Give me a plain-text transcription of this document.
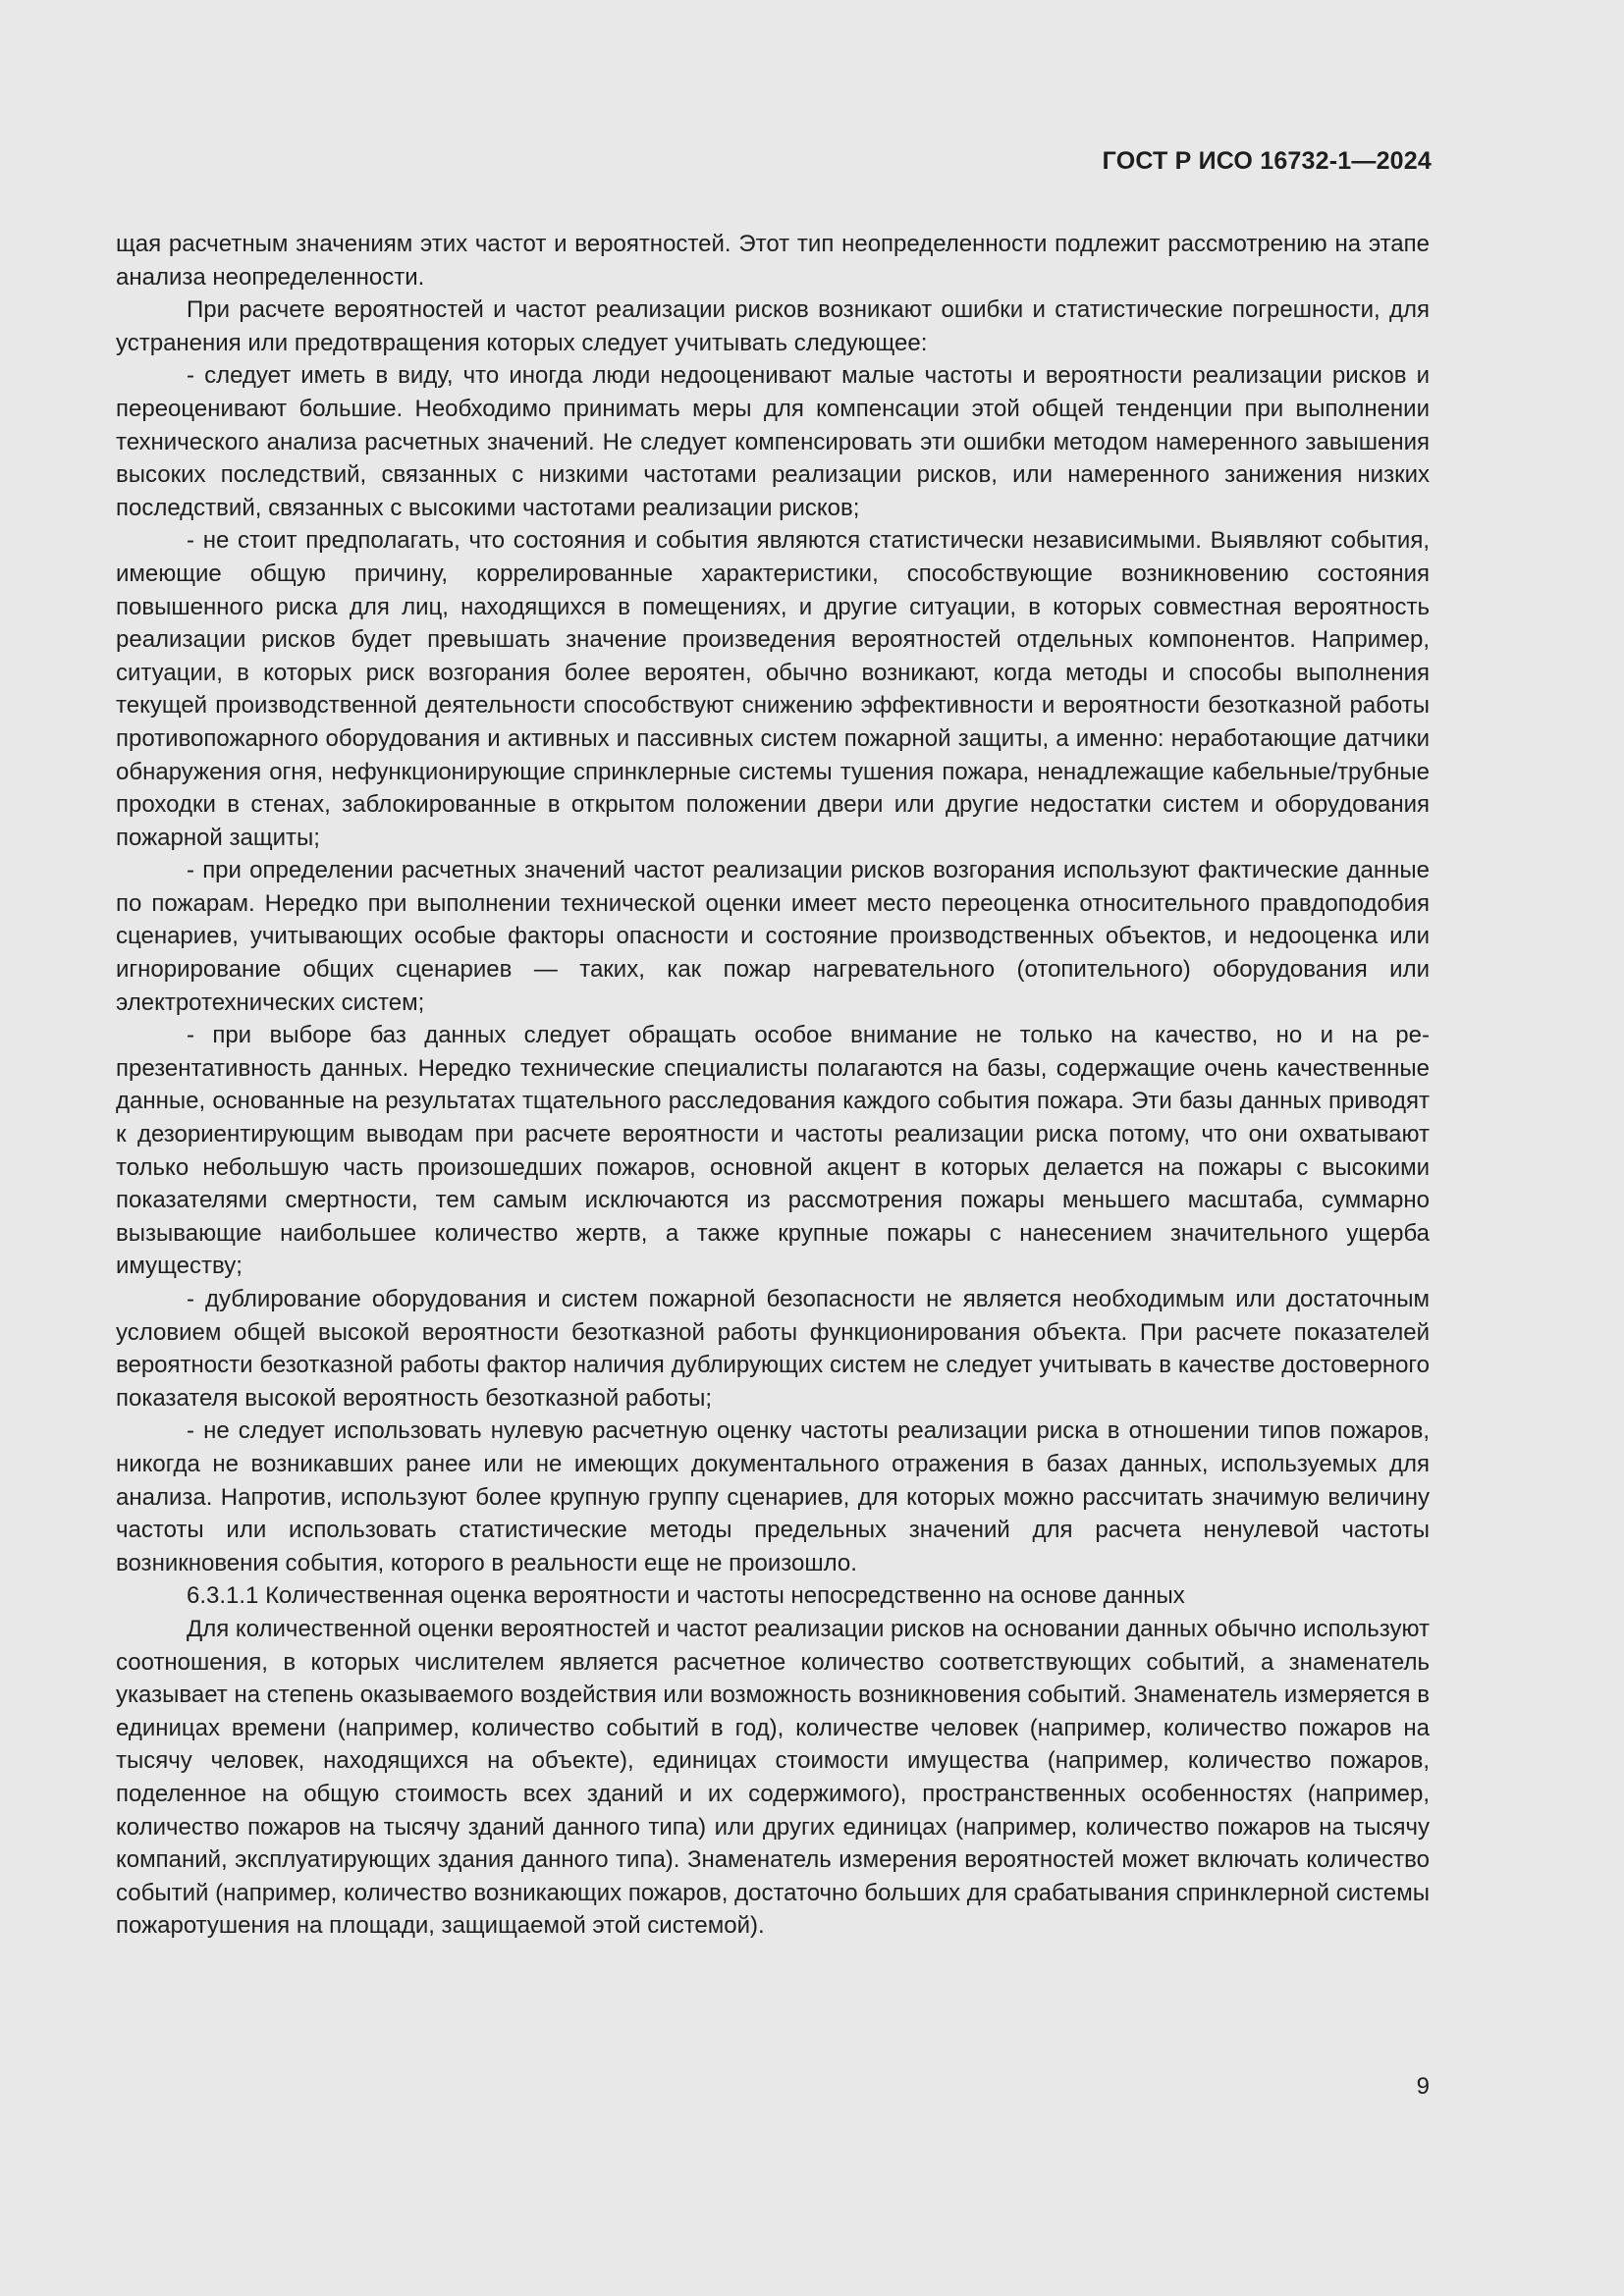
ГОСТ Р ИСО 16732-1—2024

щая расчетным значениям этих частот и вероятностей. Этот тип неопределенности подлежит рассмотрению на этапе анализа неопределенности.

При расчете вероятностей и частот реализации рисков возникают ошибки и статистические погрешности, для устранения или предотвращения которых следует учитывать следующее:

- следует иметь в виду, что иногда люди недооценивают малые частоты и вероятности реализации рисков и переоценивают большие. Необходимо принимать меры для компенсации этой общей тенденции при выполнении технического анализа расчетных значений. Не следует компенсировать эти ошибки методом намеренного завышения высоких последствий, связанных с низкими частотами реализации рисков, или намеренного занижения низких последствий, связанных с высокими частотами реализации рисков;

- не стоит предполагать, что состояния и события являются статистически независимыми. Выявляют события, имеющие общую причину, коррелированные характеристики, способствующие возникновению состояния повышенного риска для лиц, находящихся в помещениях, и другие ситуации, в которых совместная вероятность реализации рисков будет превышать значение произведения вероятностей отдельных компонентов. Например, ситуации, в которых риск возгорания более вероятен, обычно возникают, когда методы и способы выполнения текущей производственной деятельности способствуют снижению эффективности и вероятности безотказной работы противопожарного оборудования и активных и пассивных систем пожарной защиты, а именно: неработающие датчики обнаружения огня, нефункционирующие спринклерные системы тушения пожара, ненадлежащие кабельные/трубные проходки в стенах, заблокированные в открытом положении двери или другие недостатки систем и оборудования пожарной защиты;

- при определении расчетных значений частот реализации рисков возгорания используют фактические данные по пожарам. Нередко при выполнении технической оценки имеет место переоценка относительного правдоподобия сценариев, учитывающих особые факторы опасности и состояние производственных объектов, и недооценка или игнорирование общих сценариев — таких, как пожар нагревательного (отопительного) оборудования или электротехнических систем;

- при выборе баз данных следует обращать особое внимание не только на качество, но и на репрезентативность данных. Нередко технические специалисты полагаются на базы, содержащие очень качественные данные, основанные на результатах тщательного расследования каждого события пожара. Эти базы данных приводят к дезориентирующим выводам при расчете вероятности и частоты реализации риска потому, что они охватывают только небольшую часть произошедших пожаров, основной акцент в которых делается на пожары с высокими показателями смертности, тем самым исключаются из рассмотрения пожары меньшего масштаба, суммарно вызывающие наибольшее количество жертв, а также крупные пожары с нанесением значительного ущерба имуществу;

- дублирование оборудования и систем пожарной безопасности не является необходимым или достаточным условием общей высокой вероятности безотказной работы функционирования объекта. При расчете показателей вероятности безотказной работы фактор наличия дублирующих систем не следует учитывать в качестве достоверного показателя высокой вероятность безотказной работы;

- не следует использовать нулевую расчетную оценку частоты реализации риска в отношении типов пожаров, никогда не возникавших ранее или не имеющих документального отражения в базах данных, используемых для анализа. Напротив, используют более крупную группу сценариев, для которых можно рассчитать значимую величину частоты или использовать статистические методы предельных значений для расчета ненулевой частоты возникновения события, которого в реальности еще не произошло.

6.3.1.1 Количественная оценка вероятности и частоты непосредственно на основе данных

Для количественной оценки вероятностей и частот реализации рисков на основании данных обычно используют соотношения, в которых числителем является расчетное количество соответствующих событий, а знаменатель указывает на степень оказываемого воздействия или возможность возникновения событий. Знаменатель измеряется в единицах времени (например, количество событий в год), количестве человек (например, количество пожаров на тысячу человек, находящихся на объекте), единицах стоимости имущества (например, количество пожаров, поделенное на общую стоимость всех зданий и их содержимого), пространственных особенностях (например, количество пожаров на тысячу зданий данного типа) или других единицах (например, количество пожаров на тысячу компаний, эксплуатирующих здания данного типа). Знаменатель измерения вероятностей может включать количество событий (например, количество возникающих пожаров, достаточно больших для срабатывания спринклерной системы пожаротушения на площади, защищаемой этой системой).

9
